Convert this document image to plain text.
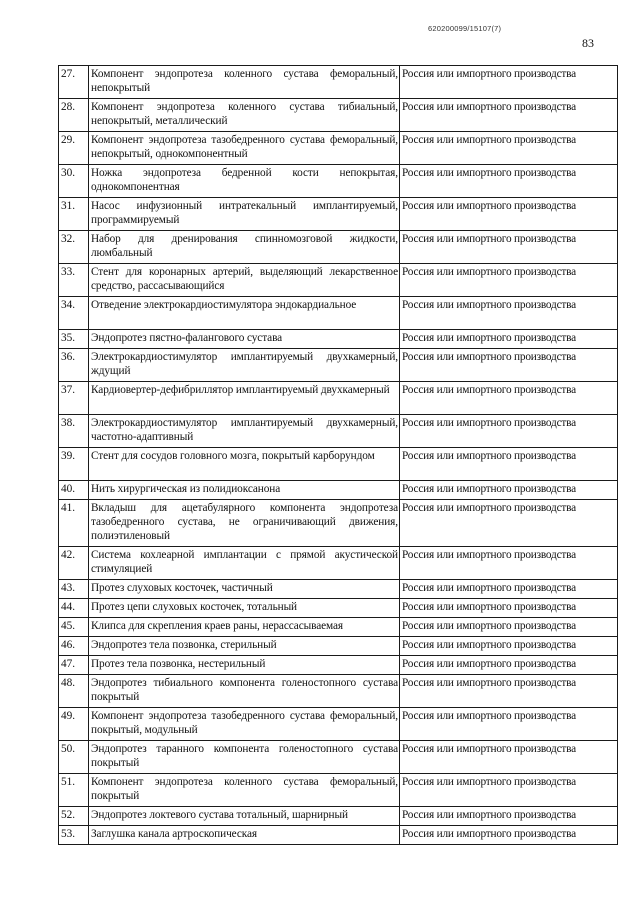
620200099/15107(7)
83
27.	Компонент эндопротеза коленного сустава феморальный, непокрытый	Россия или импортного производства
28.	Компонент эндопротеза коленного сустава тибиальный, непокрытый, металлический	Россия или импортного производства
29.	Компонент эндопротеза тазобедренного сустава феморальный, непокрытый, однокомпонентный	Россия или импортного производства
30.	Ножка эндопротеза бедренной кости непокрытая, однокомпонентная	Россия или импортного производства
31.	Насос инфузионный интратекальный имплантируемый, программируемый	Россия или импортного производства
32.	Набор для дренирования спинномозговой жидкости, люмбальный	Россия или импортного производства
33.	Стент для коронарных артерий, выделяющий лекарственное средство, рассасывающийся	Россия или импортного производства
34.	Отведение электрокардиостимулятора эндокардиальное	Россия или импортного производства
35.	Эндопротез пястно-фалангового сустава	Россия или импортного производства
36.	Электрокардиостимулятор имплантируемый двухкамерный, ждущий	Россия или импортного производства
37.	Кардиовертер-дефибриллятор имплантируемый двухкамерный	Россия или импортного производства
38.	Электрокардиостимулятор имплантируемый двухкамерный, частотно-адаптивный	Россия или импортного производства
39.	Стент для сосудов головного мозга, покрытый карборундом	Россия или импортного производства
40.	Нить хирургическая из полидиоксанона	Россия или импортного производства
41.	Вкладыш для ацетабулярного компонента эндопротеза тазобедренного сустава, не ограничивающий движения, полиэтиленовый	Россия или импортного производства
42.	Система кохлеарной имплантации с прямой акустической стимуляцией	Россия или импортного производства
43.	Протез слуховых косточек, частичный	Россия или импортного производства
44.	Протез цепи слуховых косточек, тотальный	Россия или импортного производства
45.	Клипса для скрепления краев раны, нерассасываемая	Россия или импортного производства
46.	Эндопротез тела позвонка, стерильный	Россия или импортного производства
47.	Протез тела позвонка, нестерильный	Россия или импортного производства
48.	Эндопротез тибиального компонента голеностопного сустава покрытый	Россия или импортного производства
49.	Компонент эндопротеза тазобедренного сустава феморальный, покрытый, модульный	Россия или импортного производства
50.	Эндопротез таранного компонента голеностопного сустава покрытый	Россия или импортного производства
51.	Компонент эндопротеза коленного сустава феморальный, покрытый	Россия или импортного производства
52.	Эндопротез локтевого сустава тотальный, шарнирный	Россия или импортного производства
53.	Заглушка канала артроскопическая	Россия или импортного производства
